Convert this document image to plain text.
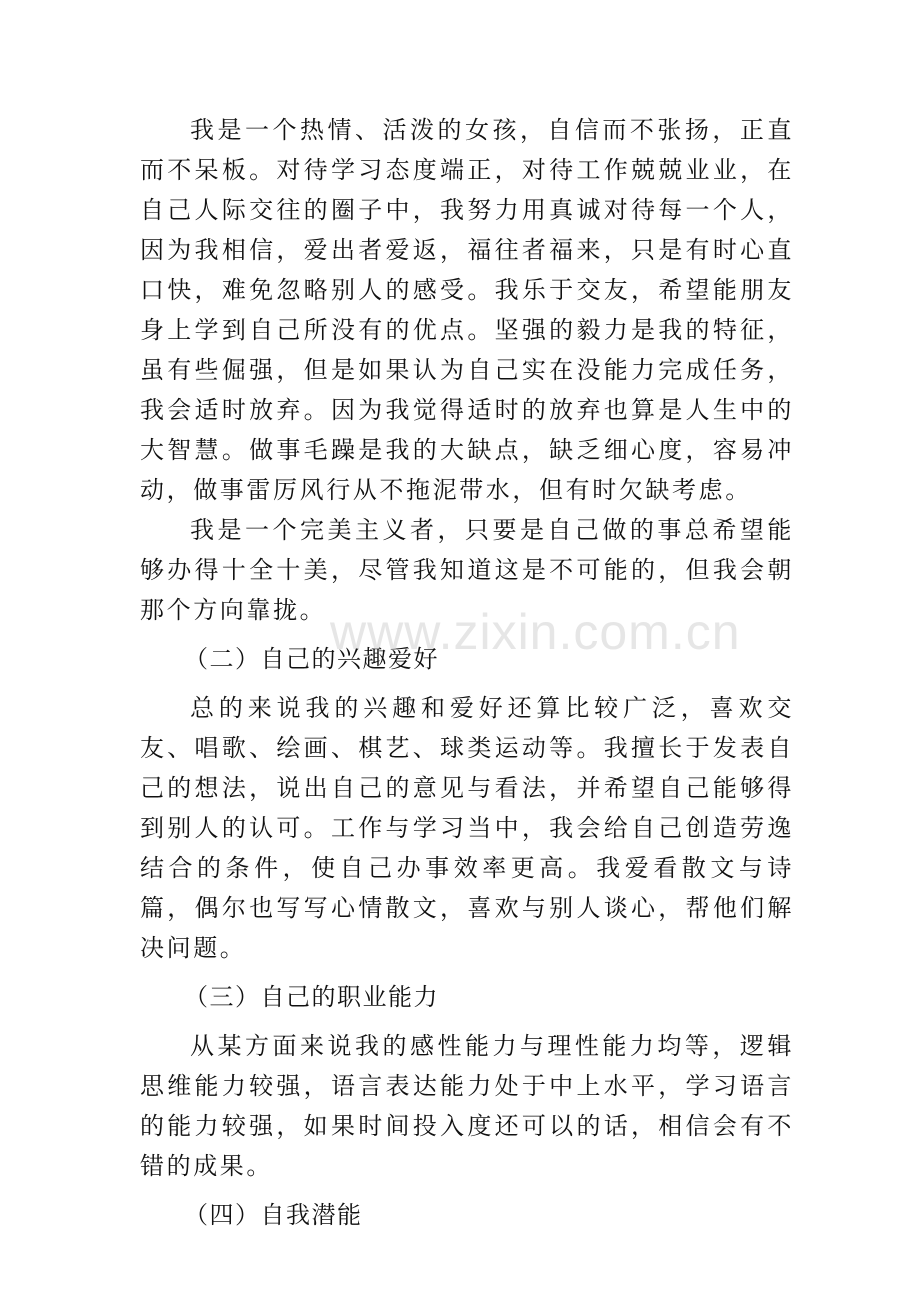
我是一个热情、活泼的女孩，自信而不张扬，正直而不呆板。对待学习态度端正，对待工作兢兢业业，在自己人际交往的圈子中，我努力用真诚对待每一个人，因为我相信，爱出者爱返，福往者福来，只是有时心直口快，难免忽略别人的感受。我乐于交友，希望能朋友身上学到自己所没有的优点。坚强的毅力是我的特征，虽有些倔强，但是如果认为自己实在没能力完成任务，我会适时放弃。因为我觉得适时的放弃也算是人生中的大智慧。做事毛躁是我的大缺点，缺乏细心度，容易冲动，做事雷厉风行从不拖泥带水，但有时欠缺考虑。

我是一个完美主义者，只要是自己做的事总希望能够办得十全十美，尽管我知道这是不可能的，但我会朝那个方向靠拢。

（二）自己的兴趣爱好

总的来说我的兴趣和爱好还算比较广泛，喜欢交友、唱歌、绘画、棋艺、球类运动等。我擅长于发表自己的想法，说出自己的意见与看法，并希望自己能够得到别人的认可。工作与学习当中，我会给自己创造劳逸结合的条件，使自己办事效率更高。我爱看散文与诗篇，偶尔也写写心情散文，喜欢与别人谈心，帮他们解决问题。

（三）自己的职业能力

从某方面来说我的感性能力与理性能力均等，逻辑思维能力较强，语言表达能力处于中上水平，学习语言的能力较强，如果时间投入度还可以的话，相信会有不错的成果。

（四）自我潜能

www.zixin.com.cn
